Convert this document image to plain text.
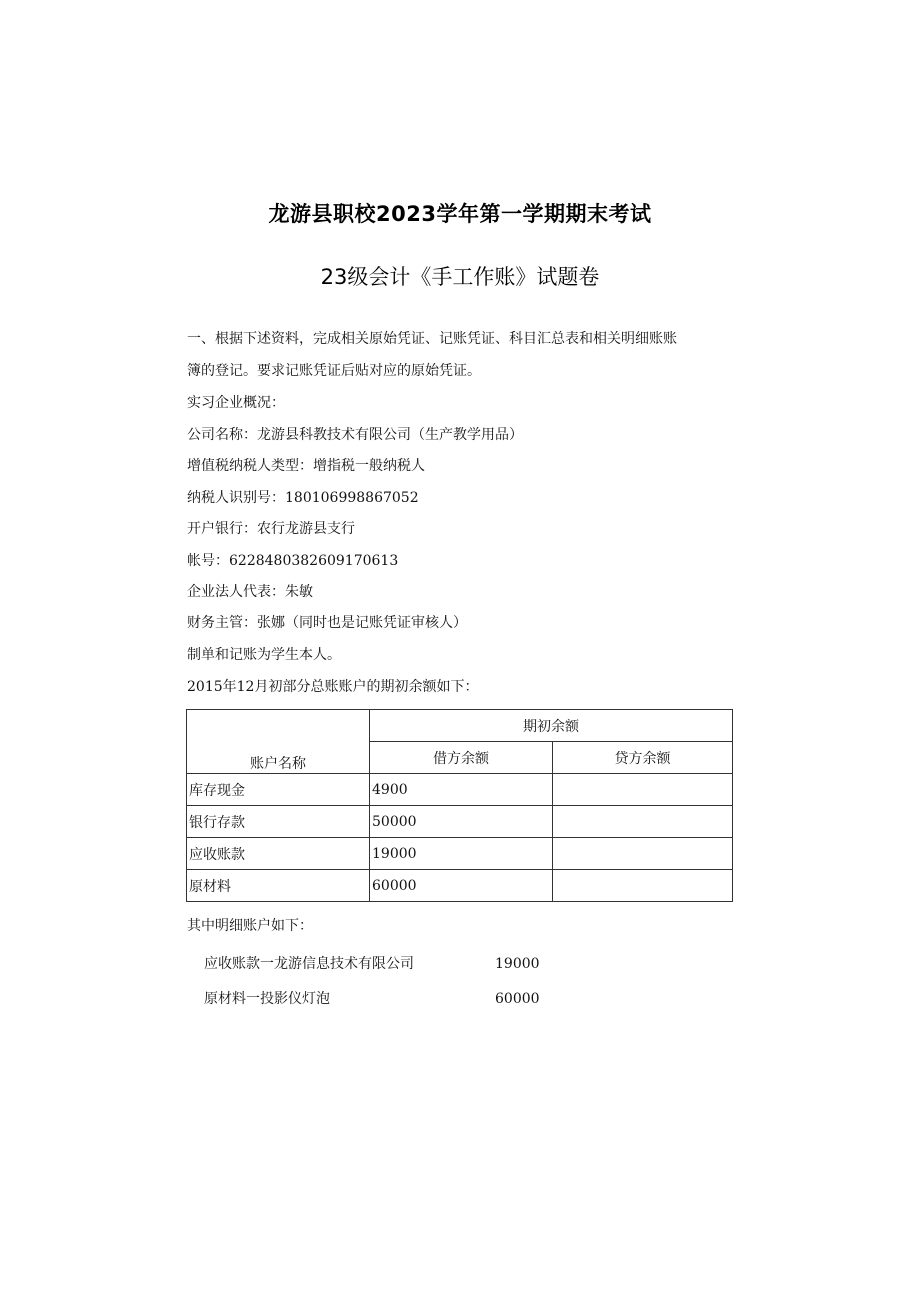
龙游县职校2023学年第一学期期末考试
23级会计《手工作账》试题卷
一、根据下述资料，完成相关原始凭证、记账凭证、科目汇总表和相关明细账账
簿的登记。要求记账凭证后贴对应的原始凭证。
实习企业概况：
公司名称：龙游县科教技术有限公司（生产教学用品）
增值税纳税人类型：增指税一般纳税人
纳税人识别号：180106998867052
开户银行：农行龙游县支行
帐号：6228480382609170613
企业法人代表：朱敏
财务主管：张娜（同时也是记账凭证审核人）
制单和记账为学生本人。
2015年12月初部分总账账户的期初余额如下：
账户名称	期初余额	
	借方余额	贷方余额
库存现金	4900	
银行存款	50000	
应收账款	19000	
原材料	60000	
其中明细账户如下：
应收账款一龙游信息技术有限公司	19000
原材料一投影仪灯泡	60000
